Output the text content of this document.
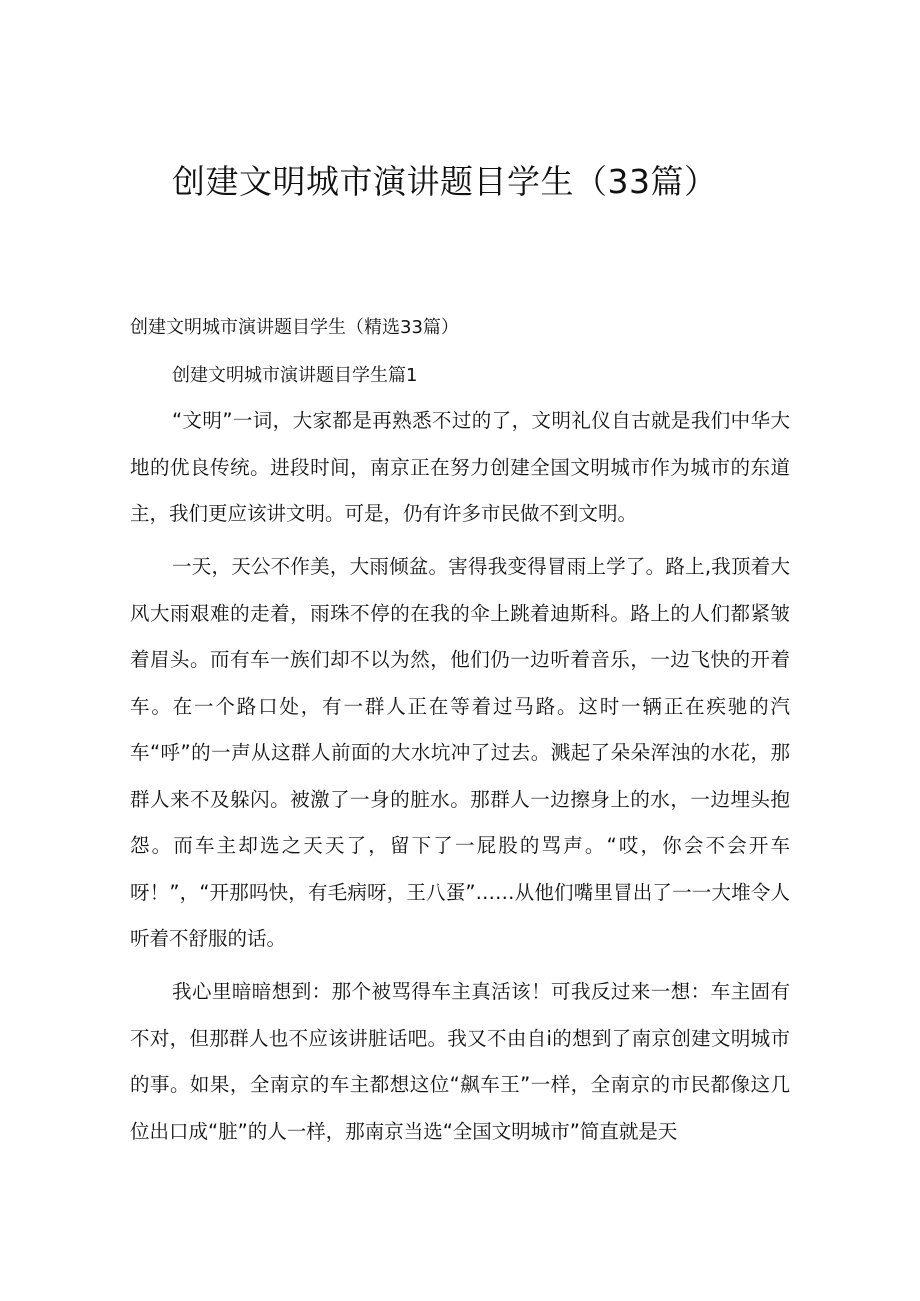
创建文明城市演讲题目学生（33篇）
创建文明城市演讲题目学生（精选33篇）
创建文明城市演讲题目学生篇1

“文明”一词，大家都是再熟悉不过的了，文明礼仪自古就是我们中华大地的优良传统。进段时间，南京正在努力创建全国文明城市作为城市的东道主，我们更应该讲文明。可是，仍有许多市民做不到文明。

一天，天公不作美，大雨倾盆。害得我变得冒雨上学了。路上,我顶着大风大雨艰难的走着，雨珠不停的在我的伞上跳着迪斯科。路上的人们都紧皱着眉头。而有车一族们却不以为然，他们仍一边听着音乐，一边飞快的开着车。在一个路口处，有一群人正在等着过马路。这时一辆正在疾驰的汽车“呼”的一声从这群人前面的大水坑冲了过去。溅起了朵朵浑浊的水花，那群人来不及躲闪。被激了一身的脏水。那群人一边擦身上的水，一边埋头抱怨。而车主却选之天天了，留下了一屁股的骂声。“哎，你会不会开车呀！”，“开那吗快，有毛病呀，王八蛋”……从他们嘴里冒出了一一大堆令人听着不舒服的话。

我心里暗暗想到：那个被骂得车主真活该！可我反过来一想：车主固有不对，但那群人也不应该讲脏话吧。我又不由自i的想到了南京创建文明城市的事。如果，全南京的车主都想这位“飙车王”一样，全南京的市民都像这几位出口成“脏”的人一样，那南京当选“全国文明城市”简直就是天
